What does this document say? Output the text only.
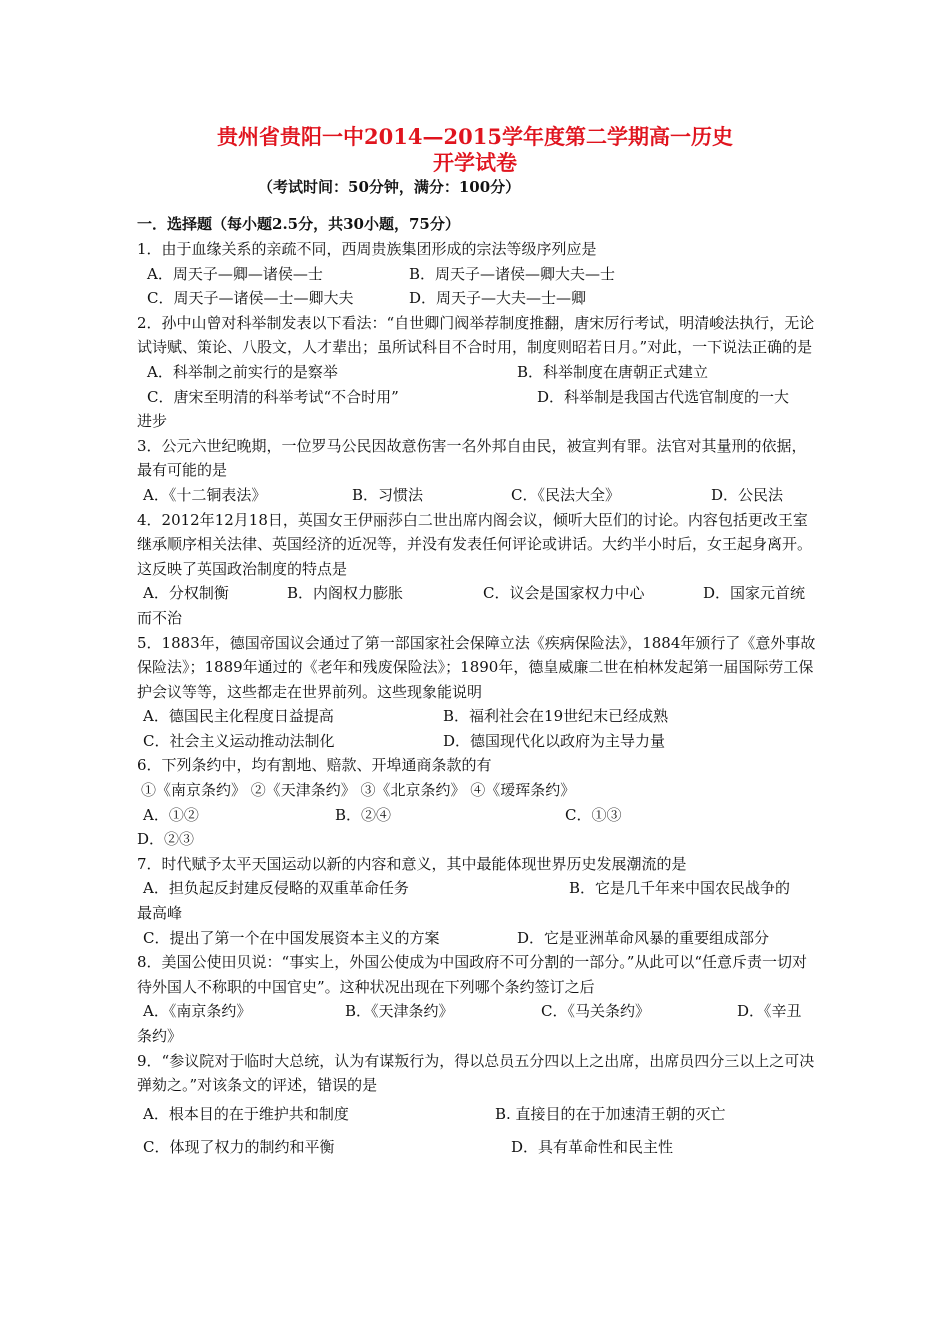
贵州省贵阳一中2014—2015学年度第二学期高一历史
开学试卷
（考试时间：50分钟，满分：100分）
一．选择题（每小题2.5分，共30小题，75分）
1．由于血缘关系的亲疏不同，西周贵族集团形成的宗法等级序列应是
A．周天子—卿—诸侯—士	B．周天子—诸侯—卿大夫—士
C．周天子—诸侯—士—卿大夫	D．周天子—大夫—士—卿
2．孙中山曾对科举制发表以下看法：“自世卿门阀举荐制度推翻，唐宋厉行考试，明清峻法执行，无论试诗赋、策论、八股文，人才辈出；虽所试科目不合时用，制度则昭若日月。”对此，一下说法正确的是
A．科举制之前实行的是察举	B．科举制度在唐朝正式建立
C．唐宋至明清的科举考试“不合时用”	D．科举制是我国古代选官制度的一大
进步
3．公元六世纪晚期，一位罗马公民因故意伤害一名外邦自由民，被宣判有罪。法官对其量刑的依据，最有可能的是
A．《十二铜表法》	B．习惯法	C．《民法大全》	D．公民法
4．2012年12月18日，英国女王伊丽莎白二世出席内阁会议，倾听大臣们的讨论。内容包括更改王室继承顺序相关法律、英国经济的近况等，并没有发表任何评论或讲话。大约半小时后，女王起身离开。这反映了英国政治制度的特点是
A．分权制衡	B．内阁权力膨胀	C．议会是国家权力中心	D．国家元首统
而不治
5．1883年，德国帝国议会通过了第一部国家社会保障立法《疾病保险法》，1884年颁行了《意外事故保险法》；1889年通过的《老年和残废保险法》；1890年，德皇威廉二世在柏林发起第一届国际劳工保护会议等等，这些都走在世界前列。这些现象能说明
A．德国民主化程度日益提高	B．福利社会在19世纪末已经成熟
C．社会主义运动推动法制化	D．德国现代化以政府为主导力量
6．下列条约中，均有割地、赔款、开埠通商条款的有
①《南京条约》 ②《天津条约》 ③《北京条约》 ④《瑷珲条约》
A．①②	B．②④	C．①③
D．②③
7．时代赋予太平天国运动以新的内容和意义，其中最能体现世界历史发展潮流的是
A．担负起反封建反侵略的双重革命任务	B．它是几千年来中国农民战争的
最高峰
C．提出了第一个在中国发展资本主义的方案	D．它是亚洲革命风暴的重要组成部分
8．美国公使田贝说：“事实上，外国公使成为中国政府不可分割的一部分。”从此可以“任意斥责一切对待外国人不称职的中国官史”。这种状况出现在下列哪个条约签订之后
A．《南京条约》	B．《天津条约》	C．《马关条约》	D．《辛丑
条约》
9．“参议院对于临时大总统，认为有谋叛行为，得以总员五分四以上之出席，出席员四分三以上之可决弹劾之。”对该条文的评述，错误的是
A．根本目的在于维护共和制度	B. 直接目的在于加速清王朝的灭亡
C．体现了权力的制约和平衡	D．具有革命性和民主性
